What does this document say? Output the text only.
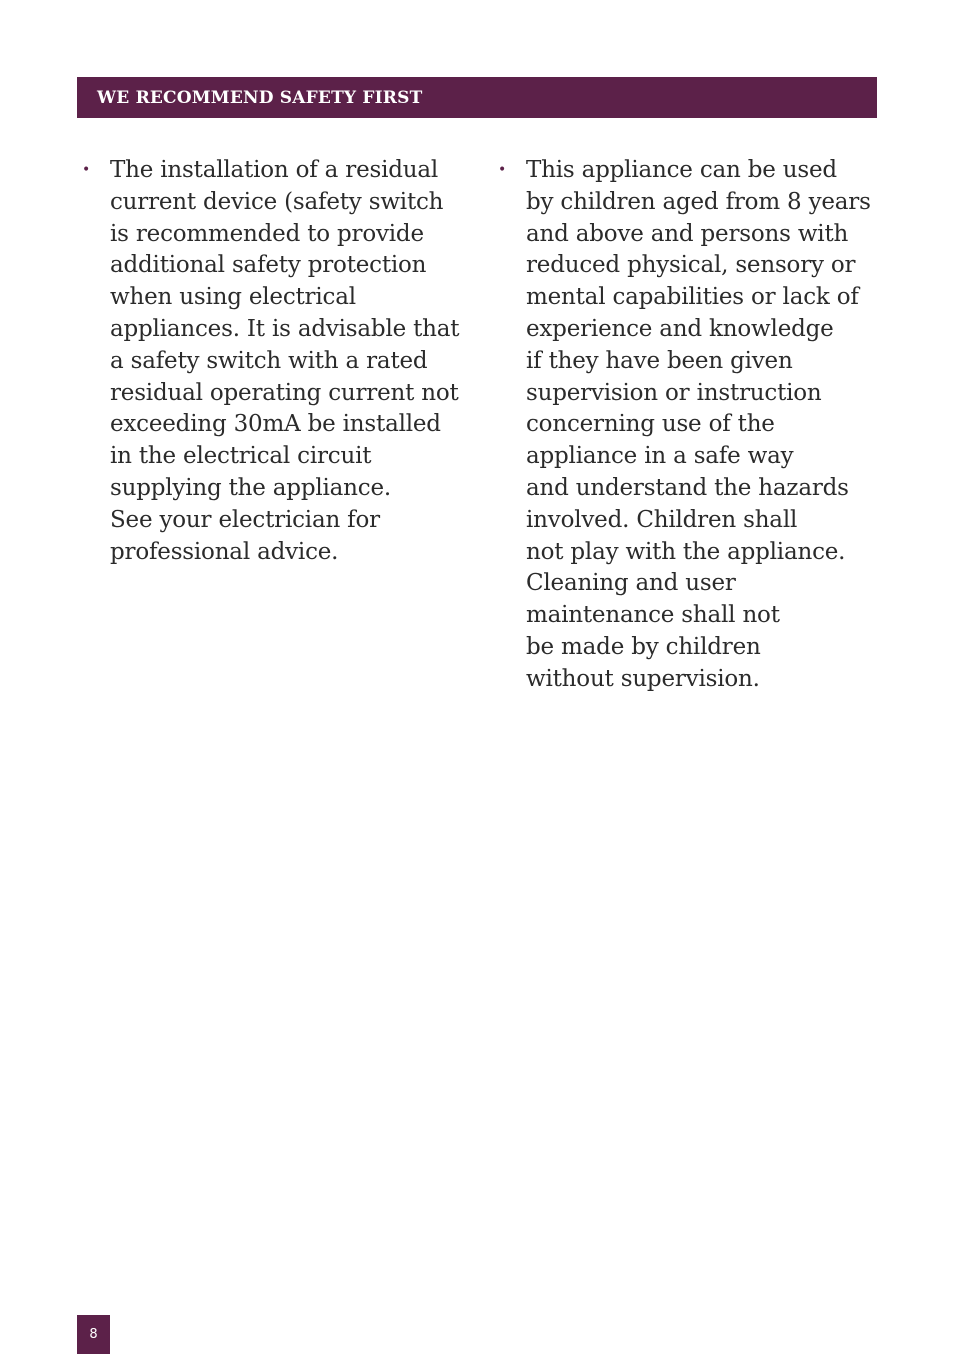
WE RECOMMEND SAFETY FIRST
• The installation of a residual
current device (safety switch
is recommended to provide
additional safety protection
when using electrical
appliances. It is advisable that
a safety switch with a rated
residual operating current not
exceeding 30mA be installed
in the electrical circuit
supplying the appliance.
See your electrician for
professional advice.
• This appliance can be used
by children aged from 8 years
and above and persons with
reduced physical, sensory or
mental capabilities or lack of
experience and knowledge
if they have been given
supervision or instruction
concerning use of the
appliance in a safe way
and understand the hazards
involved. Children shall
not play with the appliance.
Cleaning and user
maintenance shall not
be made by children
without supervision.
8
